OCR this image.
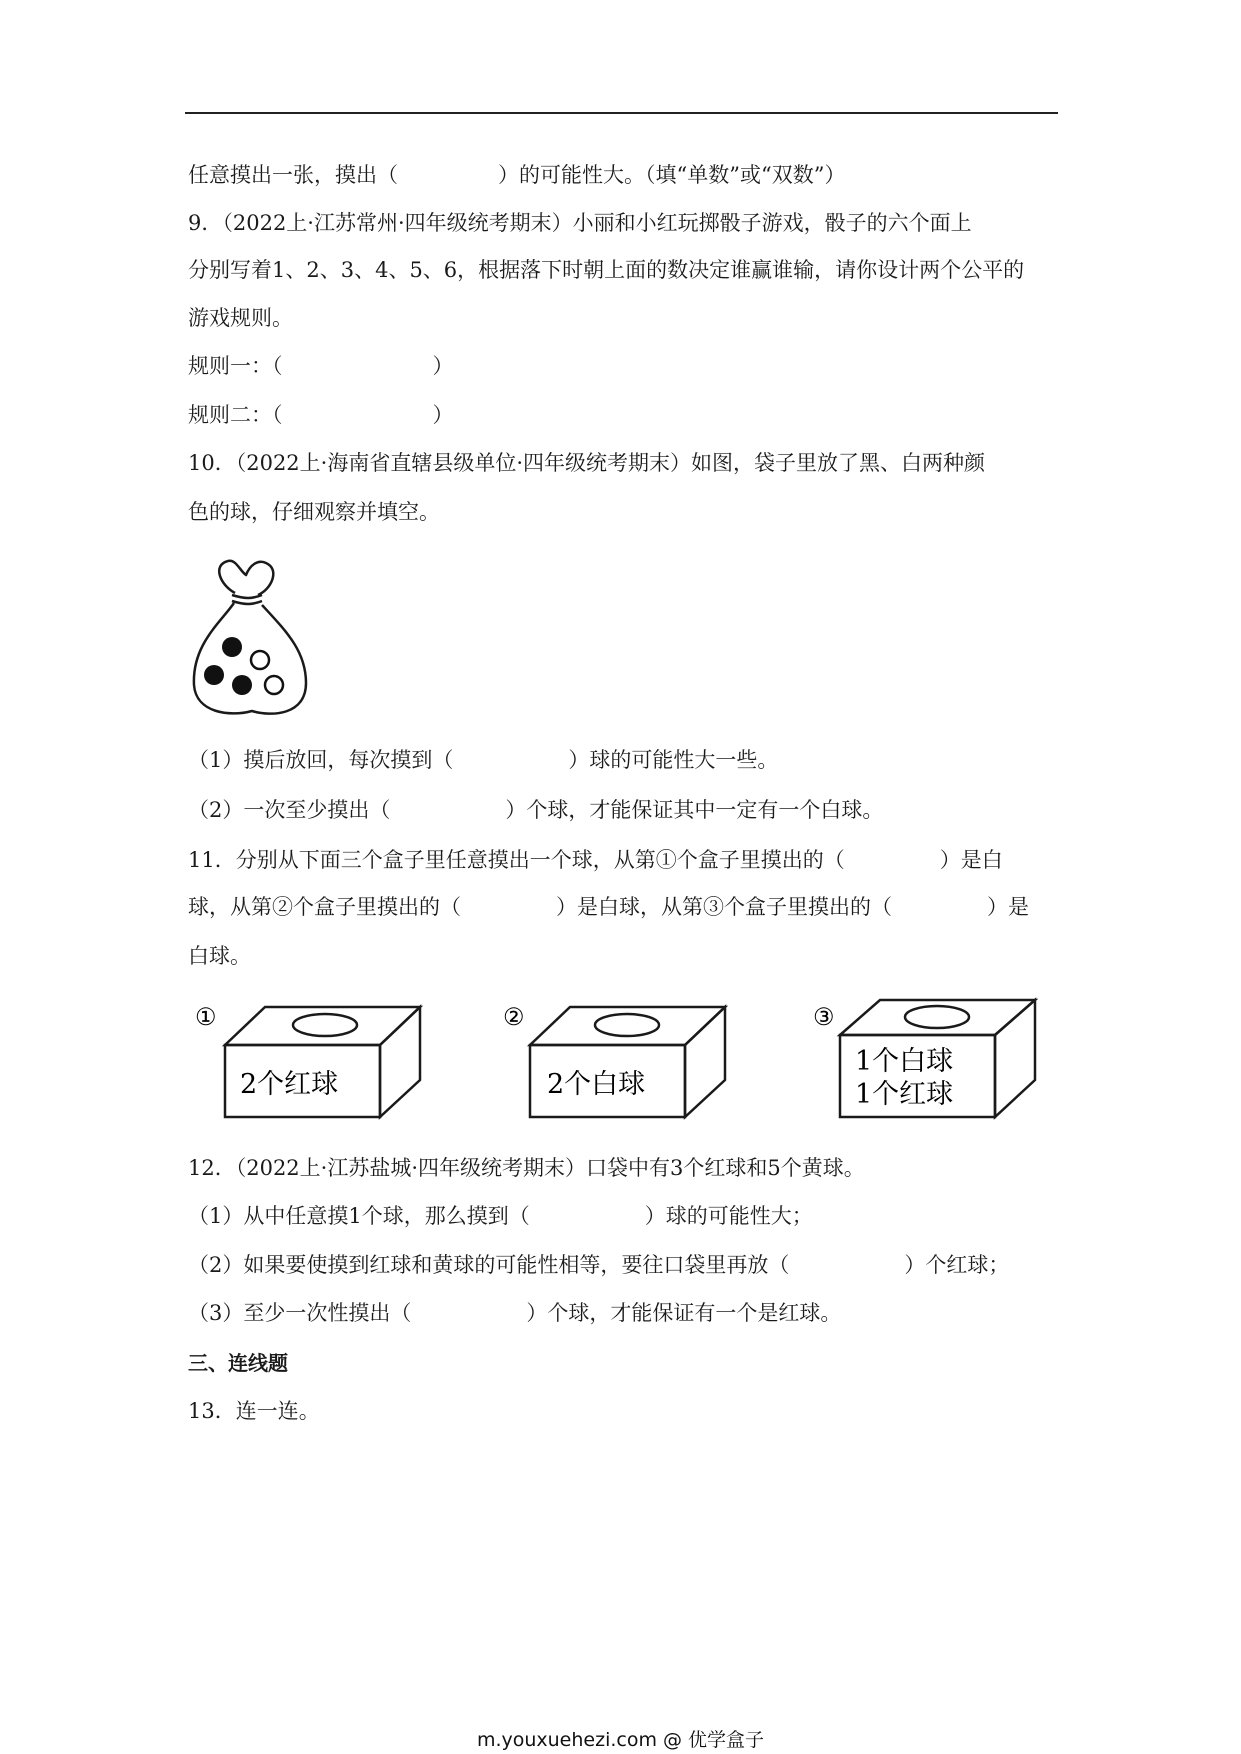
任意摸出一张，摸出（	）的可能性大。（填“单数”或“双数”）
9．（2022上·江苏常州·四年级统考期末）小丽和小红玩掷骰子游戏，骰子的六个面上
分别写着1、2、3、4、5、6，根据落下时朝上面的数决定谁赢谁输，请你设计两个公平的
游戏规则。
规则一：（	）
规则二：（	）
10．（2022上·海南省直辖县级单位·四年级统考期末）如图，袋子里放了黑、白两种颜
色的球，仔细观察并填空。
（1）摸后放回，每次摸到（	）球的可能性大一些。
（2）一次至少摸出（	）个球，才能保证其中一定有一个白球。
11．分别从下面三个盒子里任意摸出一个球，从第①个盒子里摸出的（	）是白
球，从第②个盒子里摸出的（	）是白球，从第③个盒子里摸出的（	）是
白球。
①
2个红球
②
2个白球
③
1个白球
1个红球
12．（2022上·江苏盐城·四年级统考期末）口袋中有3个红球和5个黄球。
（1）从中任意摸1个球，那么摸到（	）球的可能性大；
（2）如果要使摸到红球和黄球的可能性相等，要往口袋里再放（	）个红球；
（3）至少一次性摸出（	）个球，才能保证有一个是红球。
三、连线题
13．连一连。
m.youxuehezi.com @ 优学盒子
